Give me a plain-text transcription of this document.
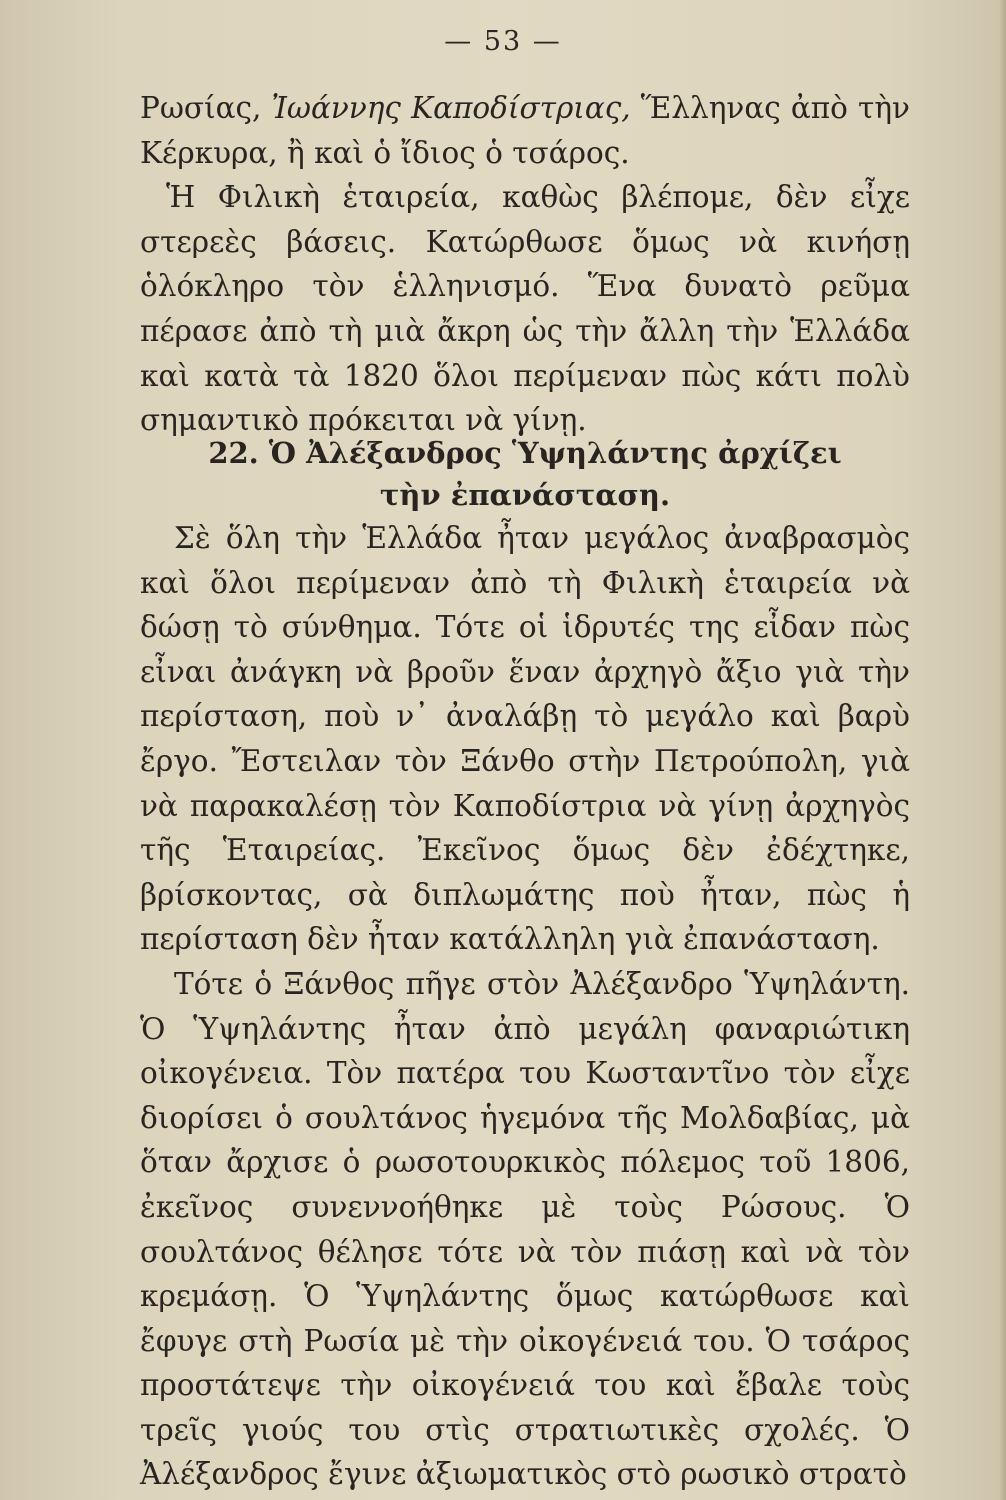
— 53 —

Ρωσίας, Ἰωάννης Καποδίστριας, Ἕλληνας ἀπὸ τὴν Κέρκυρα, ἢ καὶ ὁ ἴδιος ὁ τσάρος.

Ἡ Φιλικὴ ἑταιρεία, καθὼς βλέπομε, δὲν εἶχε στερεὲς βάσεις. Κατώρθωσε ὅμως νὰ κινήσῃ ὁλόκληρο τὸν ἑλληνισμό. Ἕνα δυνατὸ ρεῦμα πέρασε ἀπὸ τὴ μιὰ ἄκρη ὡς τὴν ἄλλη τὴν Ἑλλάδα καὶ κατὰ τὰ 1820 ὅλοι περίμεναν πὼς κάτι πολὺ σημαντικὸ πρόκειται νὰ γίνῃ.

22. Ὁ Ἀλέξανδρος Ὑψηλάντης ἀρχίζει
τὴν ἐπανάσταση.

Σὲ ὅλη τὴν Ἑλλάδα ἦταν μεγάλος ἀναβρασμὸς καὶ ὅλοι περίμεναν ἀπὸ τὴ Φιλικὴ ἑταιρεία νὰ δώσῃ τὸ σύνθημα. Τότε οἱ ἱδρυτές της εἶδαν πὼς εἶναι ἀνάγκη νὰ βροῦν ἕναν ἀρχηγὸ ἄξιο γιὰ τὴν περίσταση, ποὺ ν᾿ ἀναλάβῃ τὸ μεγάλο καὶ βαρὺ ἔργο. Ἔστειλαν τὸν Ξάνθο στὴν Πετρούπολη, γιὰ νὰ παρακαλέσῃ τὸν Καποδίστρια νὰ γίνῃ ἀρχηγὸς τῆς Ἑταιρείας. Ἐκεῖνος ὅμως δὲν ἐδέχτηκε, βρίσκοντας, σὰ διπλωμάτης ποὺ ἦταν, πὼς ἡ περίσταση δὲν ἦταν κατάλληλη γιὰ ἐπανάσταση.

Τότε ὁ Ξάνθος πῆγε στὸν Ἀλέξανδρο Ὑψηλάντη. Ὁ Ὑψηλάντης ἦταν ἀπὸ μεγάλη φαναριώτικη οἰκογένεια. Τὸν πατέρα του Κωσταντῖνο τὸν εἶχε διορίσει ὁ σουλτάνος ἡγεμόνα τῆς Μολδαβίας, μὰ ὅταν ἄρχισε ὁ ρωσοτουρκικὸς πόλεμος τοῦ 1806, ἐκεῖνος συνεννοήθηκε μὲ τοὺς Ρώσους. Ὁ σουλτάνος θέλησε τότε νὰ τὸν πιάσῃ καὶ νὰ τὸν κρεμάσῃ. Ὁ Ὑψηλάντης ὅμως κατώρθωσε καὶ ἔφυγε στὴ Ρωσία μὲ τὴν οἰκογένειά του. Ὁ τσάρος προστάτεψε τὴν οἰκογένειά του καὶ ἔβαλε τοὺς τρεῖς γιούς του στὶς στρατιωτικὲς σχολές. Ὁ Ἀλέξανδρος ἔγινε ἀξιωματικὸς στὸ ρωσικὸ στρατὸ
